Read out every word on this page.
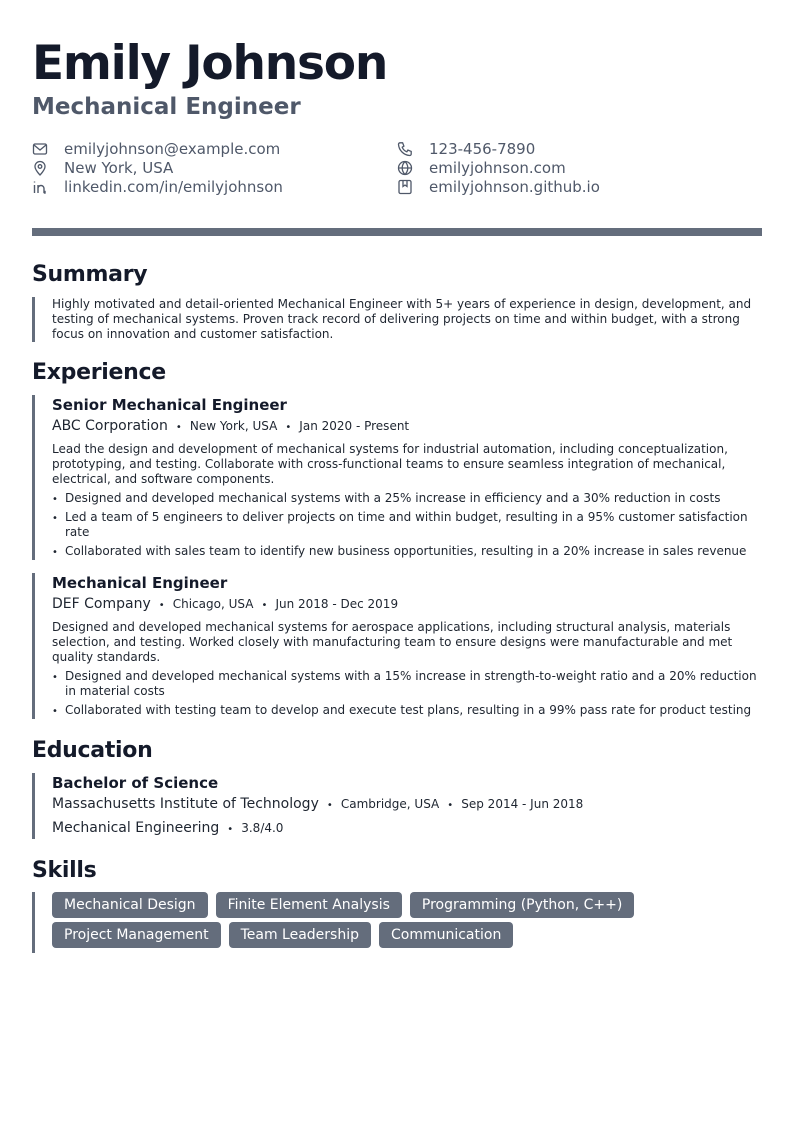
Emily Johnson
Mechanical Engineer
emilyjohnson@example.com
New York, USA
linkedin.com/in/emilyjohnson
123-456-7890
emilyjohnson.com
emilyjohnson.github.io
Summary

Highly motivated and detail-oriented Mechanical Engineer with 5+ years of experience in design, development, and testing of mechanical systems. Proven track record of delivering projects on time and within budget, with a strong focus on innovation and customer satisfaction.

Experience
Senior Mechanical Engineer
ABC Corporation • New York, USA • Jan 2020 - Present

Lead the design and development of mechanical systems for industrial automation, including conceptualization, prototyping, and testing. Collaborate with cross-functional teams to ensure seamless integration of mechanical, electrical, and software components.

• Designed and developed mechanical systems with a 25% increase in efficiency and a 30% reduction in costs
• Led a team of 5 engineers to deliver projects on time and within budget, resulting in a 95% customer satisfaction rate
• Collaborated with sales team to identify new business opportunities, resulting in a 20% increase in sales revenue
Mechanical Engineer
DEF Company • Chicago, USA • Jun 2018 - Dec 2019

Designed and developed mechanical systems for aerospace applications, including structural analysis, materials selection, and testing. Worked closely with manufacturing team to ensure designs were manufacturable and met quality standards.

• Designed and developed mechanical systems with a 15% increase in strength-to-weight ratio and a 20% reduction in material costs
• Collaborated with testing team to develop and execute test plans, resulting in a 99% pass rate for product testing
Education
Bachelor of Science
Massachusetts Institute of Technology • Cambridge, USA • Sep 2014 - Jun 2018
Mechanical Engineering • 3.8/4.0
Skills
Mechanical Design	Finite Element Analysis	Programming (Python, C++)
Project Management	Team Leadership	Communication
